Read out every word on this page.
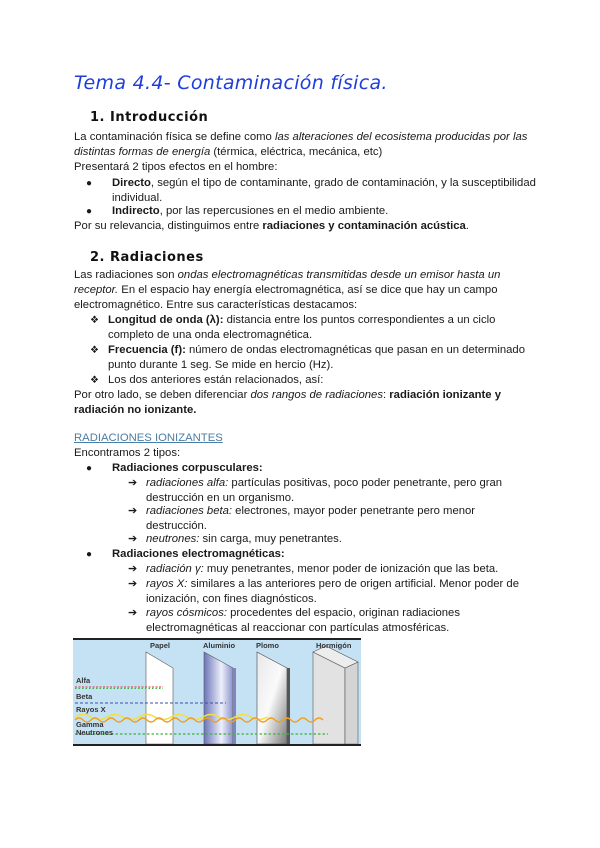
Tema 4.4- Contaminación física.
1. Introducción
La contaminación física se define como las alteraciones del ecosistema producidas por las
distintas formas de energía (térmica, eléctrica, mecánica, etc)
Presentará 2 tipos efectos en el hombre:
● Directo, según el tipo de contaminante, grado de contaminación, y la susceptibilidad
individual.
● Indirecto, por las repercusiones en el medio ambiente.
Por su relevancia, distinguimos entre radiaciones y contaminación acústica.
2. Radiaciones
Las radiaciones son ondas electromagnéticas transmitidas desde un emisor hasta un
receptor. En el espacio hay energía electromagnética, así se dice que hay un campo
electromagnético. Entre sus características destacamos:
❖ Longitud de onda (λ): distancia entre los puntos correspondientes a un ciclo
completo de una onda electromagnética.
❖ Frecuencia (f): número de ondas electromagnéticas que pasan en un determinado
punto durante 1 seg. Se mide en hercio (Hz).
❖ Los dos anteriores están relacionados, así:
Por otro lado, se deben diferenciar dos rangos de radiaciones: radiación ionizante y
radiación no ionizante.
RADIACIONES IONIZANTES
Encontramos 2 tipos:
● Radiaciones corpusculares:
➔ radiaciones alfa: partículas positivas, poco poder penetrante, pero gran
destrucción en un organismo.
➔ radiaciones beta: electrones, mayor poder penetrante pero menor
destrucción.
➔ neutrones: sin carga, muy penetrantes.
● Radiaciones electromagnéticas:
➔ radiación γ: muy penetrantes, menor poder de ionización que las beta.
➔ rayos X: similares a las anteriores pero de origen artificial. Menor poder de
ionización, con fines diagnósticos.
➔ rayos cósmicos: procedentes del espacio, originan radiaciones
electromagnéticas al reaccionar con partículas atmosféricas.
Papel	Aluminio	Plomo	Hormigón
Alfa
Beta
Rayos X
Gamma
Neutrones
